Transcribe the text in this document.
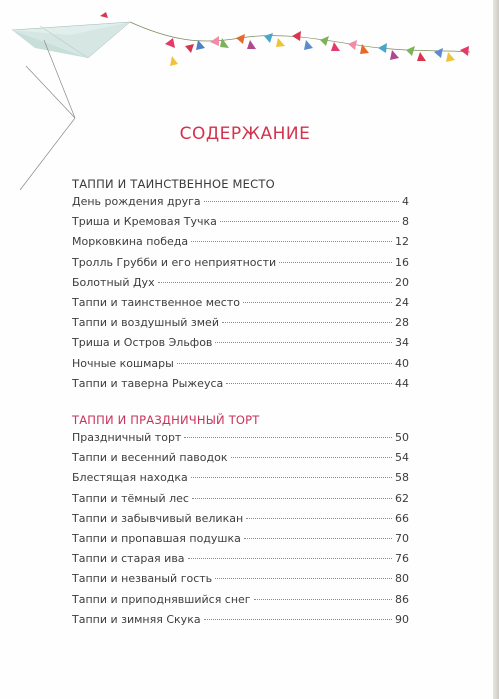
СОДЕРЖАНИЕ
ТАППИ И ТАИНСТВЕННОЕ МЕСТО
День рождения друга	4
Триша и Кремовая Тучка	8
Морковкина победа	12
Тролль Грубби и его неприятности	16
Болотный Дух	20
Таппи и таинственное место	24
Таппи и воздушный змей	28
Триша и Остров Эльфов	34
Ночные кошмары	40
Таппи и таверна Рыжеуса	44
ТАППИ И ПРАЗДНИЧНЫЙ ТОРТ
Праздничный торт	50
Таппи и весенний паводок	54
Блестящая находка	58
Таппи и тёмный лес	62
Таппи и забывчивый великан	66
Таппи и пропавшая подушка	70
Таппи и старая ива	76
Таппи и незваный гость	80
Таппи и приподнявшийся снег	86
Таппи и зимняя Скука	90
